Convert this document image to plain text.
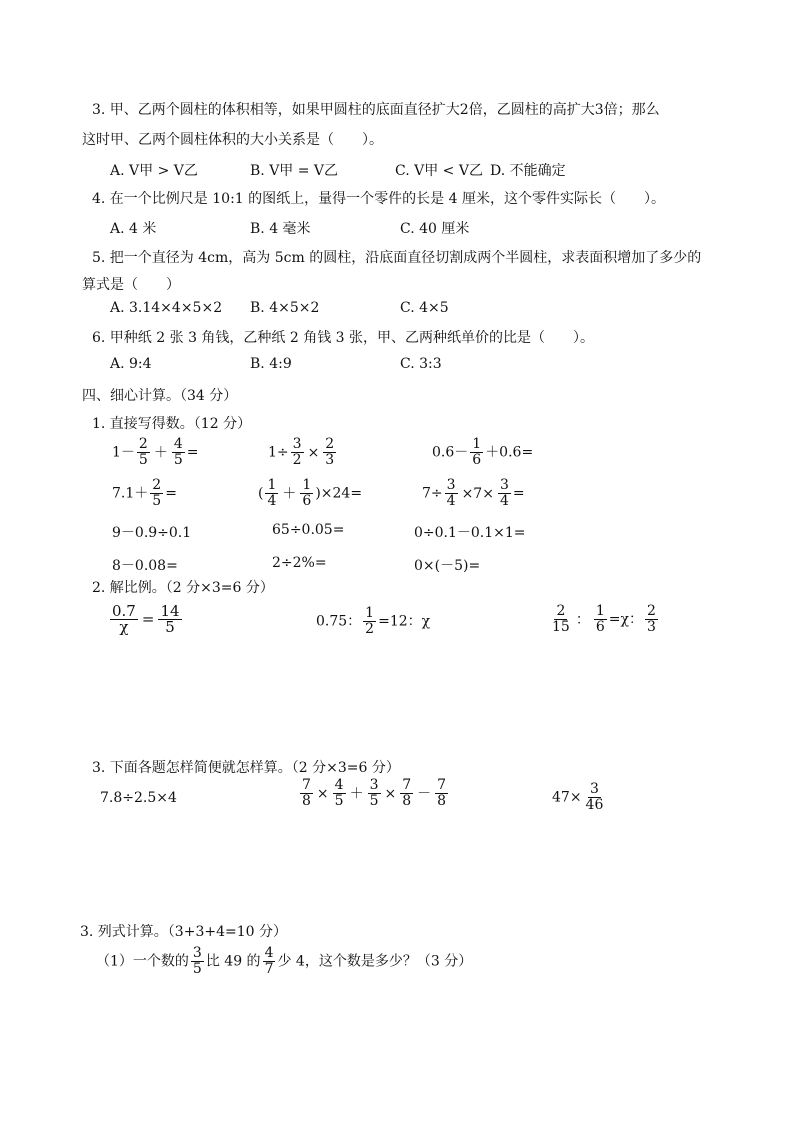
3. 甲、乙两个圆柱的体积相等，如果甲圆柱的底面直径扩大2倍，乙圆柱的高扩大3倍；那么
这时甲、乙两个圆柱体积的大小关系是（　　）。
A. V甲 > V乙	B. V甲 = V乙	C. V甲 < V乙 D. 不能确定
4. 在一个比例尺是 10:1 的图纸上，量得一个零件的长是 4 厘米，这个零件实际长（　　）。
A. 4 米	B. 4 毫米	C. 40 厘米
5. 把一个直径为 4cm，高为 5cm 的圆柱，沿底面直径切割成两个半圆柱，求表面积增加了多少的
算式是（　　）
A. 3.14×4×5×2 B. 4×5×2	C. 4×5
6. 甲种纸 2 张 3 角钱，乙种纸 2 角钱 3 张，甲、乙两种纸单价的比是（　　）。
A. 9:4	B. 4:9	C. 3:3
四、细心计算。（34 分）
1. 直接写得数。（12 分）
$1- \frac{2}{5} + \frac{4}{5}$ =	$1\div \frac{3}{2} \times \frac{2}{3}$	$0.6- \frac{1}{6} +0.6=$
$7.1+ \frac{2}{5}$ =	( $\frac{1}{4} + \frac{1}{6} )\times 24=$	$7\div \frac{3}{4} \times 7\times \frac{3}{4}$ =
9－0.9÷0.1	65÷0.05=	0÷0.1－0.1×1=
8－0.08=	2÷2%=	0×(－5)=
2. 解比例。（2 分×3=6 分）
$\frac{0.7}{\chi} = \frac{14}{5}$	0.75： $\frac{1}{2} =12$：χ	$\frac{2}{15}$ ： $\frac{1}{6} =\chi$： $\frac{2}{3}$
3. 下面各题怎样简便就怎样算。（2 分×3=6 分）
7.8÷2.5×4	$\frac{7}{8} \times \frac{4}{5} + \frac{3}{5} \times \frac{7}{8} - \frac{7}{8}$	$47\times \frac{3}{46}$
3. 列式计算。（3+3+4=10 分）
（1）一个数的 $\frac{3}{5}$ 比 49 的 $\frac{4}{7}$ 少 4，这个数是多少？（3 分）
